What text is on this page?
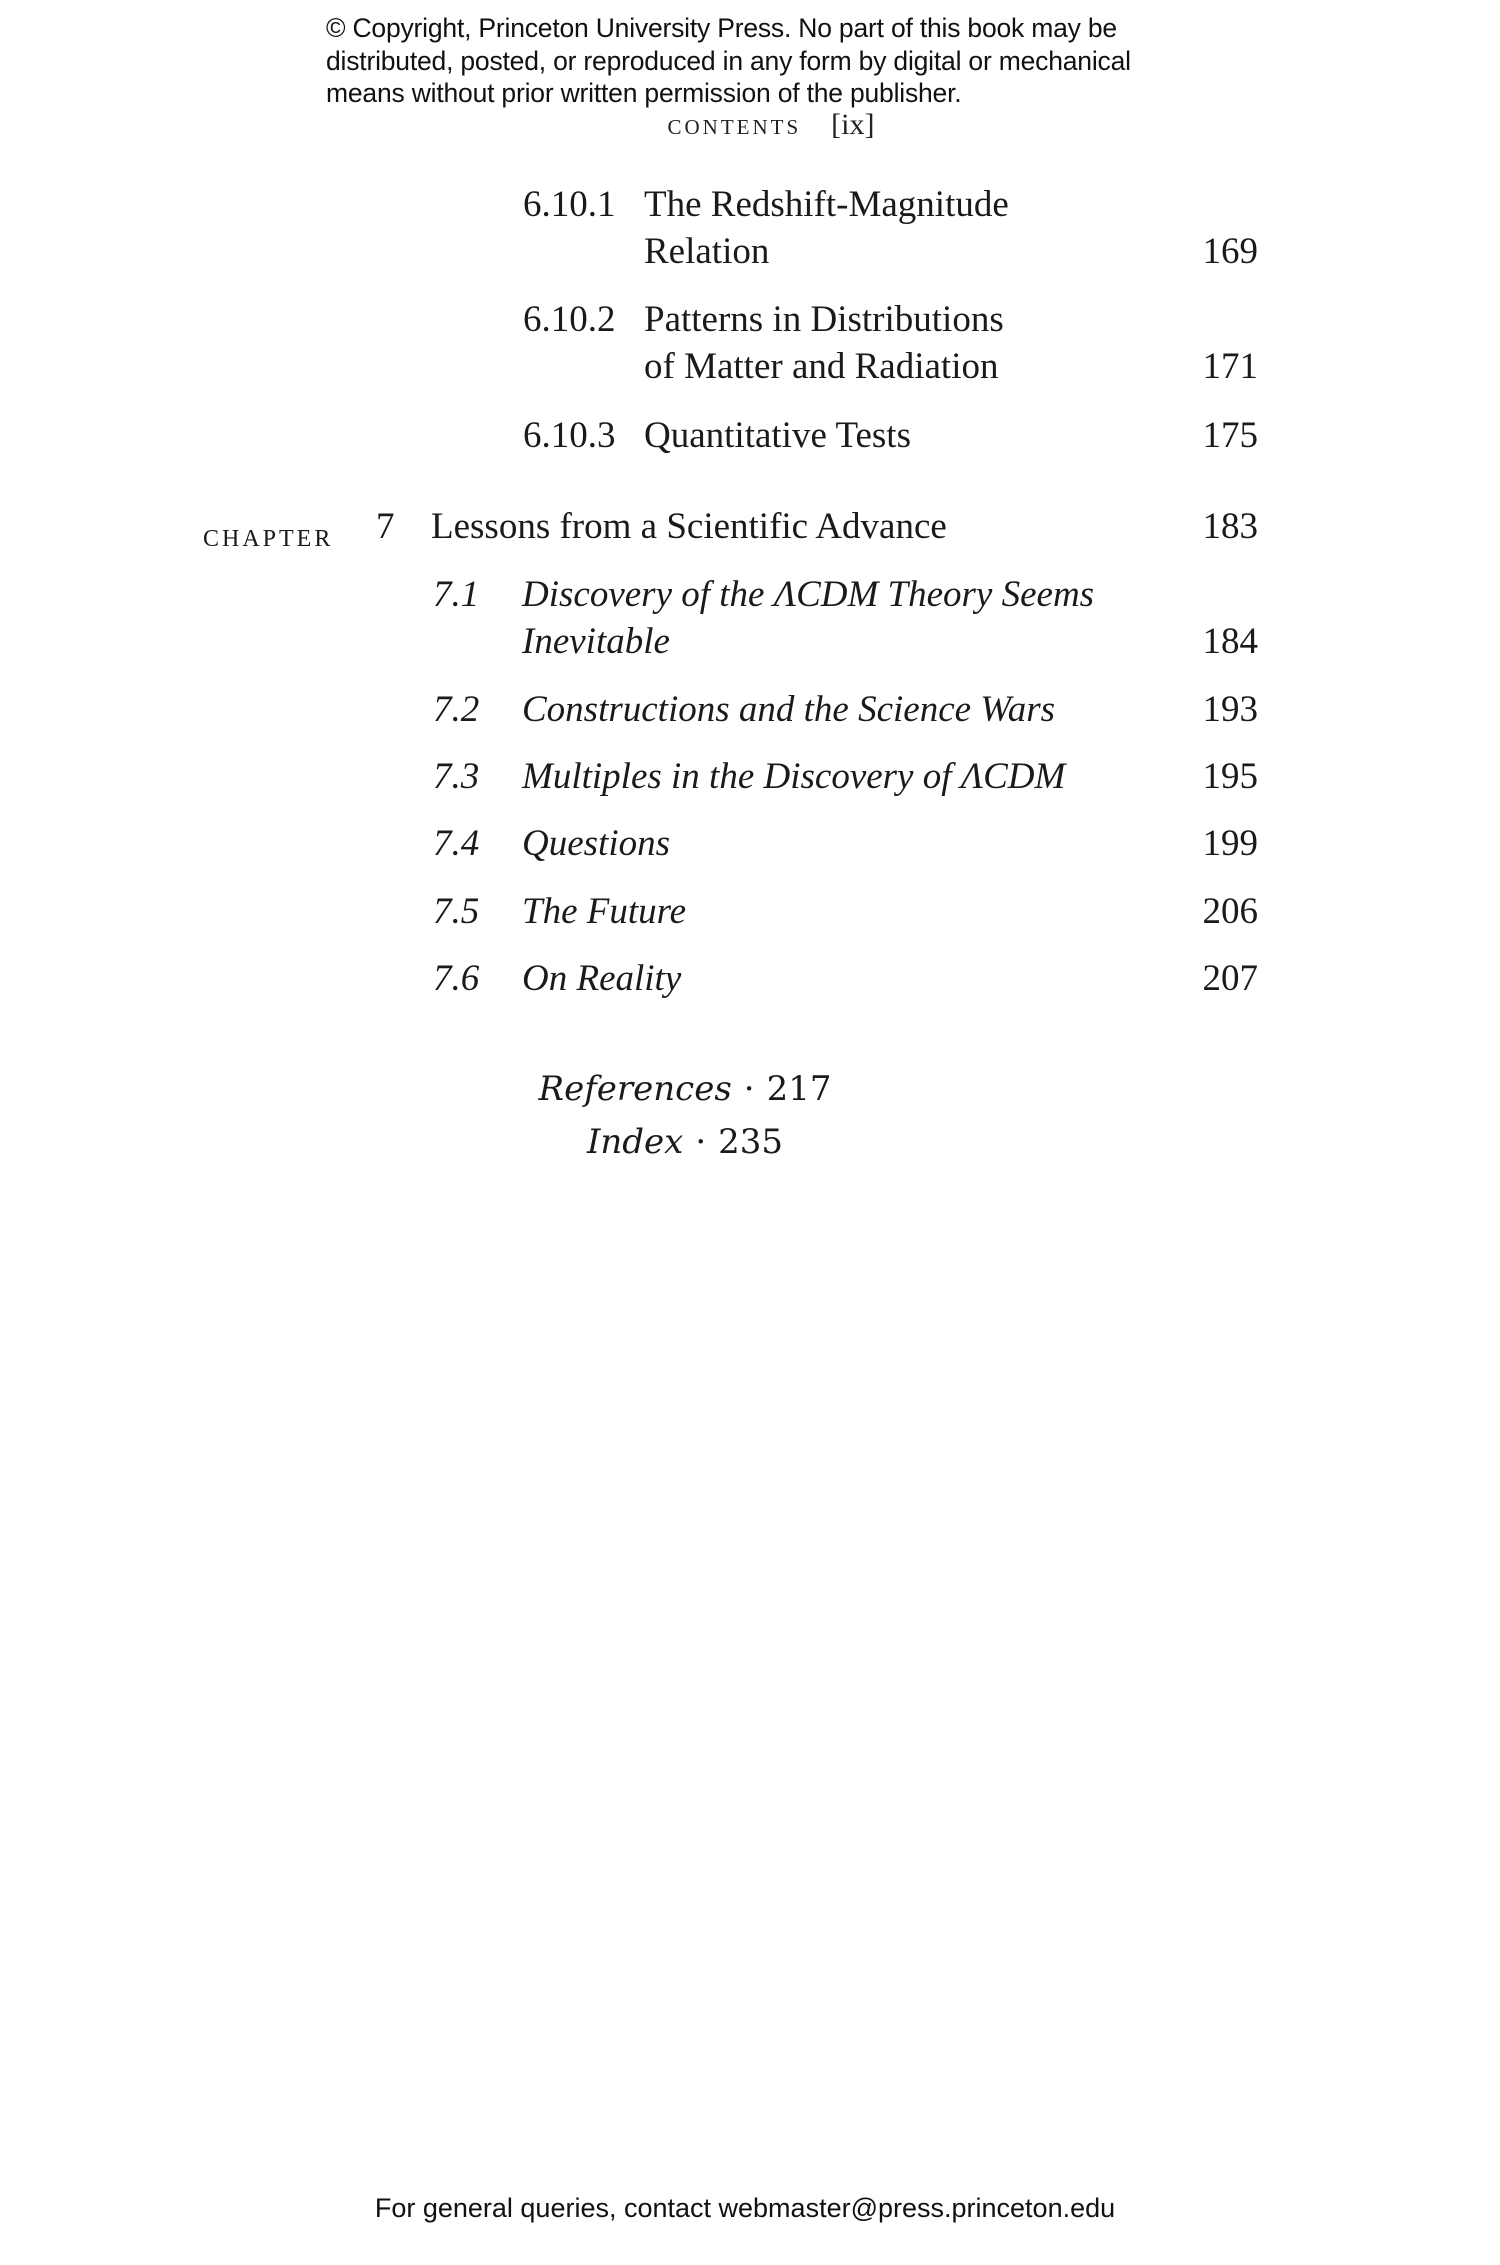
© Copyright, Princeton University Press. No part of this book may be
distributed, posted, or reproduced in any form by digital or mechanical
means without prior written permission of the publisher.
CONTENTS [ix]
6.10.1 The Redshift-Magnitude
Relation	169
6.10.2 Patterns in Distributions
of Matter and Radiation	171
6.10.3 Quantitative Tests	175
CHAPTER 7 Lessons from a Scientific Advance	183
7.1 Discovery of the ΛCDM Theory Seems
Inevitable	184
7.2 Constructions and the Science Wars	193
7.3 Multiples in the Discovery of ΛCDM	195
7.4 Questions	199
7.5 The Future	206
7.6 On Reality	207
References · 217
Index · 235
For general queries, contact webmaster@press.princeton.edu
